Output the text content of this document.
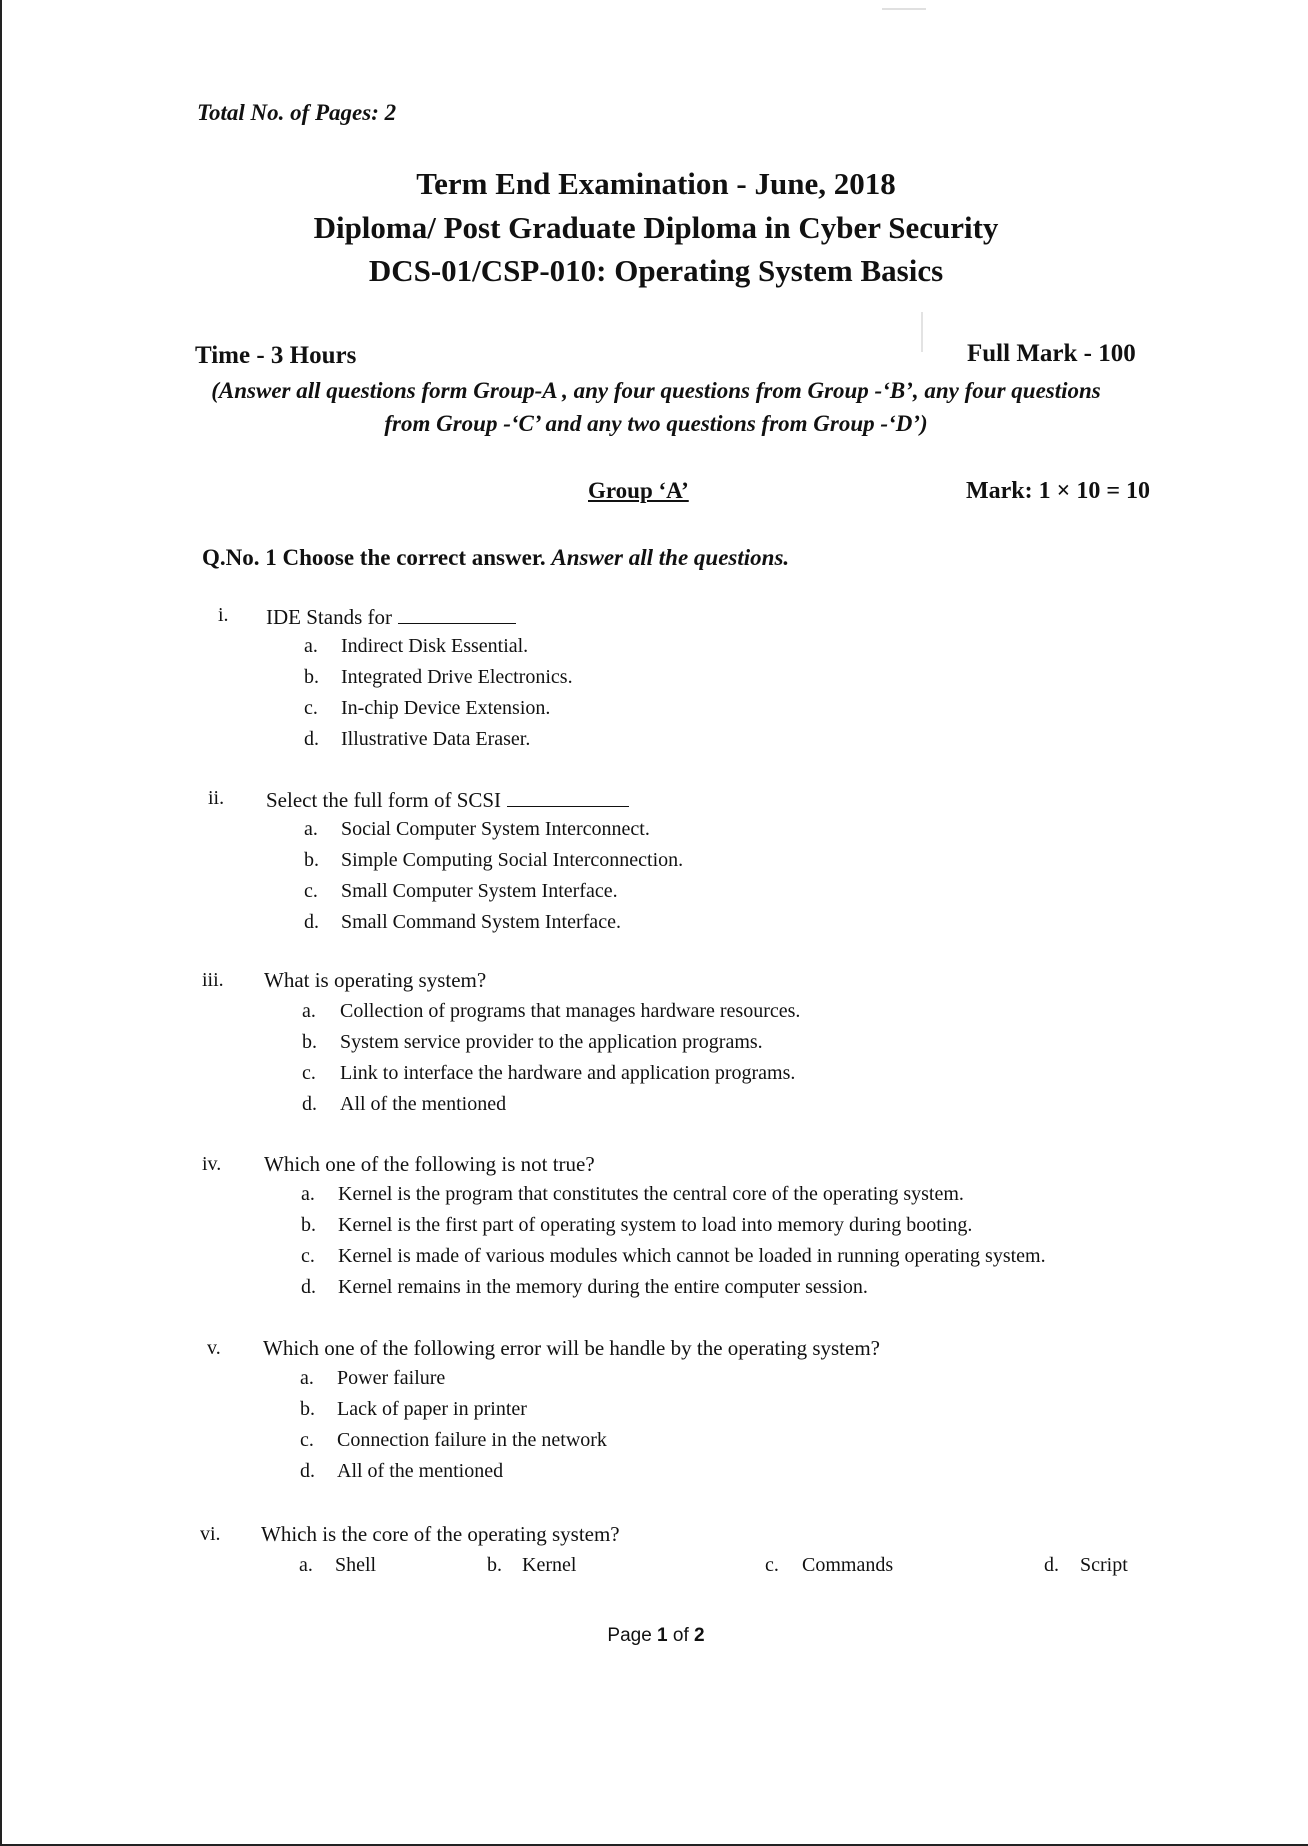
Total No. of Pages: 2
Term End Examination - June, 2018
Diploma/ Post Graduate Diploma in Cyber Security
DCS-01/CSP-010: Operating System Basics
Time - 3 Hours	Full Mark - 100
(Answer all questions form Group-A , any four questions from Group -‘B’, any four questions
from Group -‘C’ and any two questions from Group -‘D’)
Group ‘A’	Mark: 1 × 10 = 10
Q.No. 1 Choose the correct answer. Answer all the questions.
i. IDE Stands for
a. Indirect Disk Essential.
b. Integrated Drive Electronics.
c. In-chip Device Extension.
d. Illustrative Data Eraser.
ii. Select the full form of SCSI
a. Social Computer System Interconnect.
b. Simple Computing Social Interconnection.
c. Small Computer System Interface.
d. Small Command System Interface.
iii. What is operating system?
a. Collection of programs that manages hardware resources.
b. System service provider to the application programs.
c. Link to interface the hardware and application programs.
d. All of the mentioned
iv. Which one of the following is not true?
a. Kernel is the program that constitutes the central core of the operating system.
b. Kernel is the first part of operating system to load into memory during booting.
c. Kernel is made of various modules which cannot be loaded in running operating system.
d. Kernel remains in the memory during the entire computer session.
v. Which one of the following error will be handle by the operating system?
a. Power failure
b. Lack of paper in printer
c. Connection failure in the network
d. All of the mentioned
vi. Which is the core of the operating system?
a. Shell	b. Kernel	c. Commands	d. Script
Page 1 of 2
